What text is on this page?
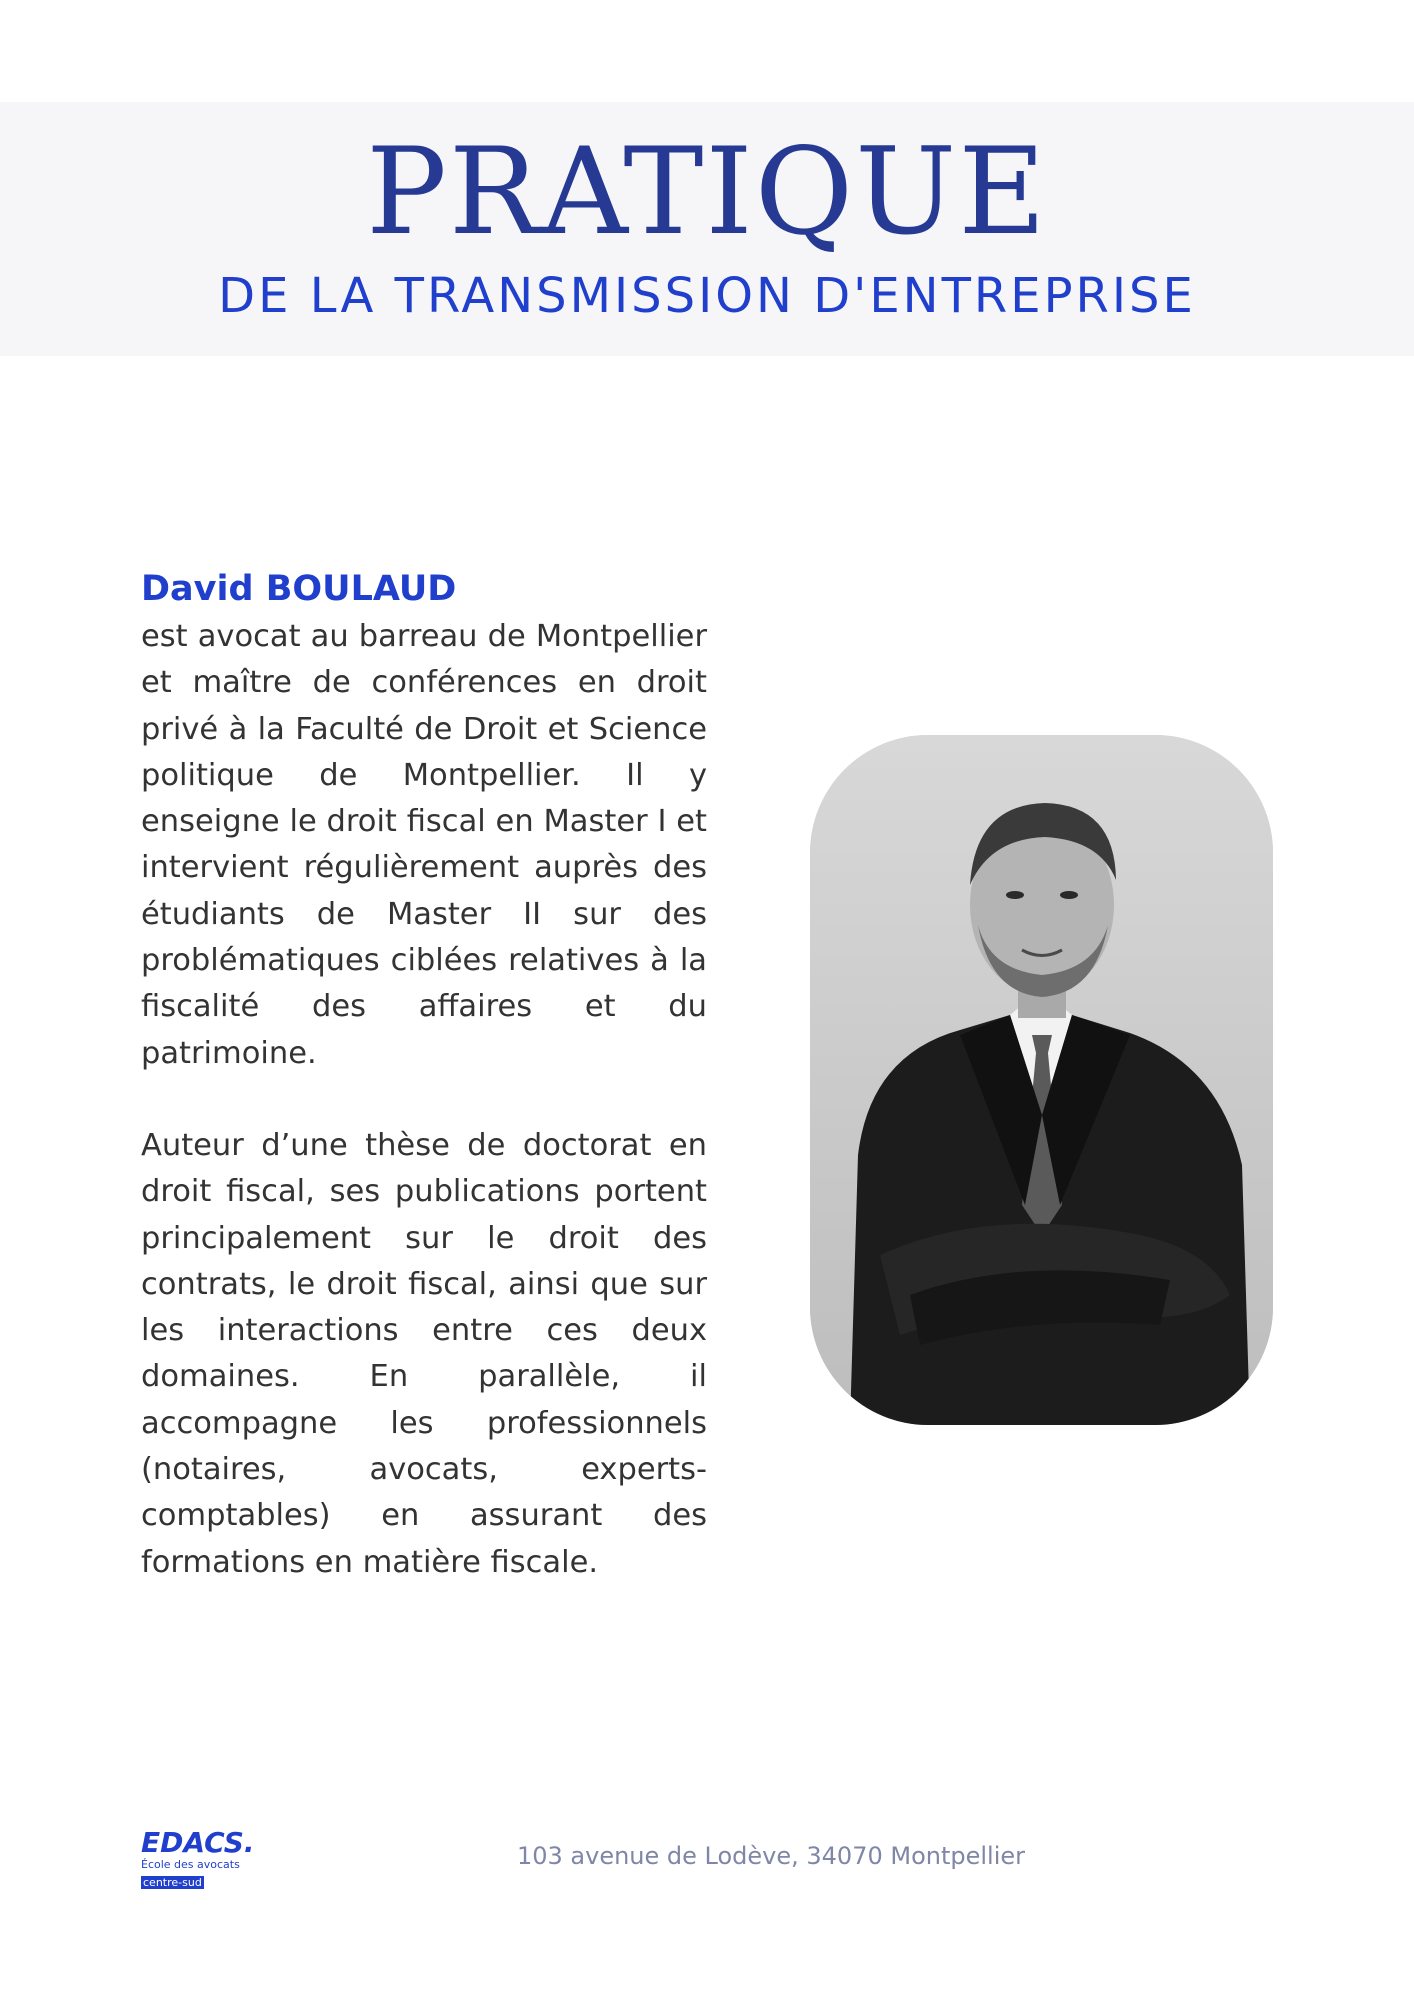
PRATIQUE
DE LA TRANSMISSION D'ENTREPRISE
David BOULAUD

est avocat au barreau de Montpellier et maître de conférences en droit privé à la Faculté de Droit et Science politique de Montpellier. Il y enseigne le droit fiscal en Master I et intervient régulièrement auprès des étudiants de Master II sur des problématiques ciblées relatives à la fiscalité des affaires et du patrimoine.

Auteur d’une thèse de doctorat en droit fiscal, ses publications portent principalement sur le droit des contrats, le droit fiscal, ainsi que sur les interactions entre ces deux domaines. En parallèle, il accompagne les professionnels (notaires, avocats, experts-comptables) en assurant des formations en matière fiscale.

EDACS.
École des avocats
centre-sud
103 avenue de Lodève, 34070 Montpellier
